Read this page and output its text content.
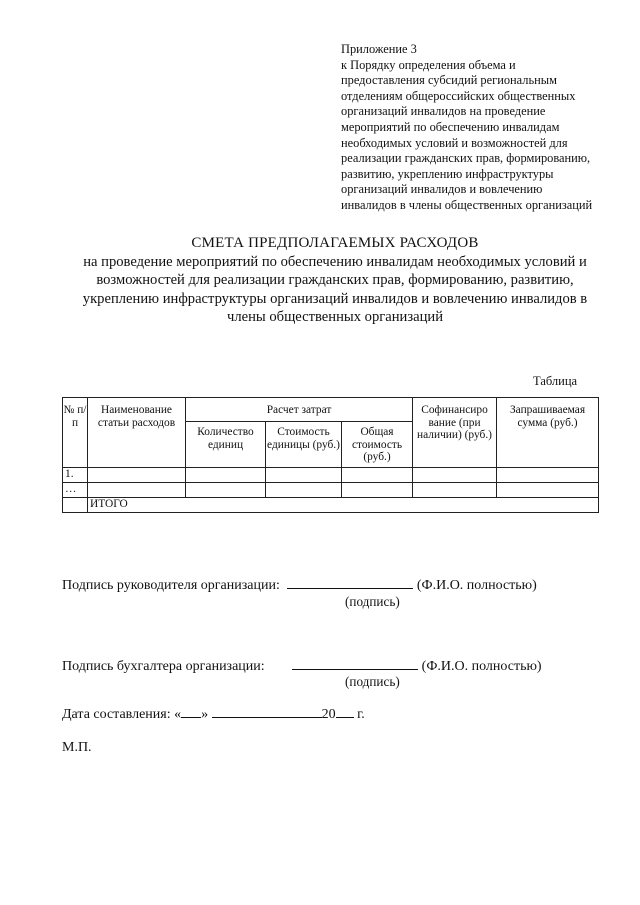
Приложение 3
к Порядку определения объема и
предоставления субсидий региональным
отделениям общероссийских общественных
организаций инвалидов на проведение
мероприятий по обеспечению инвалидам
необходимых условий и возможностей для
реализации гражданских прав, формированию,
развитию, укреплению инфраструктуры
организаций инвалидов и вовлечению
инвалидов в члены общественных организаций
СМЕТА ПРЕДПОЛАГАЕМЫХ РАСХОДОВ
на проведение мероприятий по обеспечению инвалидам необходимых условий и
возможностей для реализации гражданских прав, формированию, развитию,
укреплению инфраструктуры организаций инвалидов и вовлечению инвалидов в
члены общественных организаций
Таблица
№ п/п	Наименование статьи расходов	Расчет затрат			Софинансиро вание (при наличии) (руб.)	Запрашиваемая сумма (руб.)
		Количество единиц	Стоимость единицы (руб.)	Общая стоимость (руб.)		
1.						
…						
	ИТОГО					
Подпись руководителя организации:	(Ф.И.О. полностью)
(подпись)
Подпись бухгалтера организации:	(Ф.И.О. полностью)
(подпись)
Дата составления: « »	20 г.
М.П.
